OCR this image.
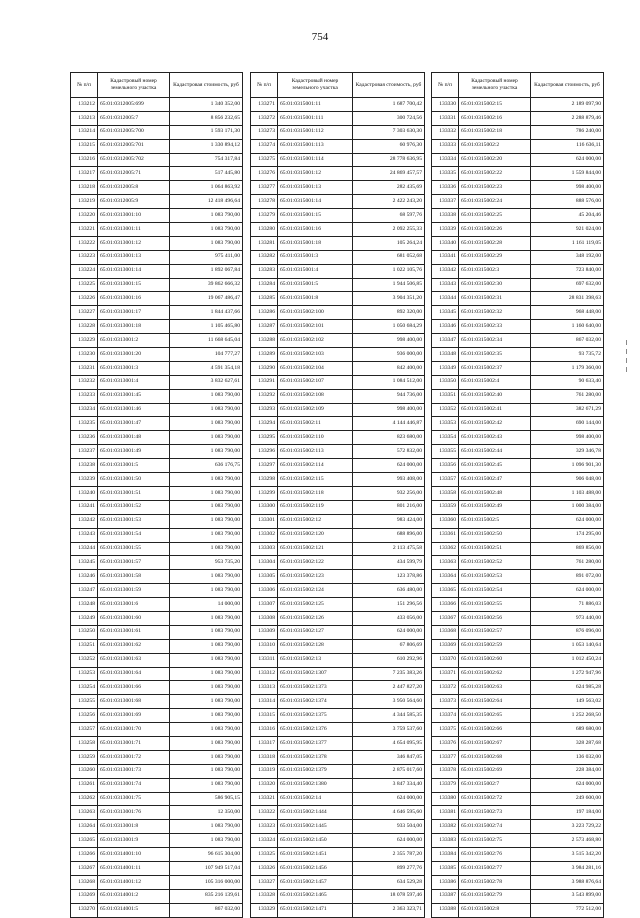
754
№ п/п	Кадастровый номер земельного участка	Кадастровая стоимость, руб
133212	65:01:0312005:699	1 340 352,00
133213	65:01:0312005:7	8 856 232,65
133214	65:01:0312005:700	1 593 171,30
133215	65:01:0312005:701	1 330 894,12
133216	65:01:0312005:702	754 317,84
133217	65:01:0312005:71	517 445,80
133218	65:01:0312005:8	1 064 863,92
133219	65:01:0312005:9	12 418 496,64
133220	65:01:0313001:10	1 083 790,00
133221	65:01:0313001:11	1 083 790,00
133222	65:01:0313001:12	1 083 790,00
133223	65:01:0313001:13	975 411,00
133224	65:01:0313001:14	1 892 067,84
133225	65:01:0313001:15	39 862 666,32
133226	65:01:0313001:16	19 067 486,47
133227	65:01:0313001:17	1 844 437,66
133228	65:01:0313001:18	1 105 465,80
133229	65:01:0313001:2	11 668 645,04
133230	65:01:0313001:20	104 777,27
133231	65:01:0313001:3	4 591 354,18
133232	65:01:0313001:4	3 832 627,61
133233	65:01:0313001:45	1 083 790,00
133234	65:01:0313001:46	1 083 790,00
133235	65:01:0313001:47	1 083 790,00
133236	65:01:0313001:48	1 083 790,00
133237	65:01:0313001:49	1 083 790,00
133238	65:01:0313001:5	636 176,75
133239	65:01:0313001:50	1 083 790,00
133240	65:01:0313001:51	1 083 790,00
133241	65:01:0313001:52	1 083 790,00
133242	65:01:0313001:53	1 083 790,00
133243	65:01:0313001:54	1 083 790,00
133244	65:01:0313001:55	1 083 790,00
133245	65:01:0313001:57	953 735,20
133246	65:01:0313001:58	1 083 790,00
133247	65:01:0313001:59	1 083 790,00
133248	65:01:0313001:6	14 000,00
133249	65:01:0313001:60	1 083 790,00
133250	65:01:0313001:61	1 083 790,00
133251	65:01:0313001:62	1 083 790,00
133252	65:01:0313001:63	1 083 790,00
133253	65:01:0313001:64	1 083 790,00
133254	65:01:0313001:66	1 083 790,00
133255	65:01:0313001:68	1 083 790,00
133256	65:01:0313001:69	1 083 790,00
133257	65:01:0313001:70	1 083 790,00
133258	65:01:0313001:71	1 083 790,00
133259	65:01:0313001:72	1 083 790,00
133260	65:01:0313001:73	1 083 790,00
133261	65:01:0313001:74	1 083 790,00
133262	65:01:0313001:75	586 905,15
133263	65:01:0313001:76	12 350,00
133264	65:01:0313001:8	1 083 790,00
133265	65:01:0313001:9	1 083 790,00
133266	65:01:0314001:10	96 615 304,00
133267	65:01:0314001:11	107 949 517,04
133268	65:01:0314001:12	105 316 000,00
133269	65:01:0314001:2	835 216 139,61
133270	65:01:0314001:5	867 032,00
№ п/п	Кадастровый номер земельного участка	Кадастровая стоимость, руб
133271	65:01:0315001:11	1 687 700,42
133272	65:01:0315001:111	300 724,56
133273	65:01:0315001:112	7 303 630,30
133274	65:01:0315001:113	60 976,30
133275	65:01:0315001:114	28 778 636,95
133276	65:01:0315001:12	24 869 457,57
133277	65:01:0315001:13	282 435,69
133278	65:01:0315001:14	2 422 243,20
133279	65:01:0315001:15	68 597,76
133280	65:01:0315001:16	2 092 255,33
133281	65:01:0315001:18	105 264,24
133282	65:01:0315001:3	681 052,68
133283	65:01:0315001:4	1 022 105,76
133284	65:01:0315001:5	1 944 506,85
133285	65:01:0315001:8	3 904 351,20
133286	65:01:0315002:100	892 320,00
133287	65:01:0315002:101	1 050 684,29
133288	65:01:0315002:102	998 400,00
133289	65:01:0315002:103	936 000,00
133290	65:01:0315002:104	842 400,00
133291	65:01:0315002:107	1 084 512,00
133292	65:01:0315002:108	944 736,00
133293	65:01:0315002:109	998 400,00
133294	65:01:0315002:11	4 144 446,87
133295	65:01:0315002:110	823 680,00
133296	65:01:0315002:113	572 832,00
133297	65:01:0315002:114	624 000,00
133298	65:01:0315002:115	993 408,00
133299	65:01:0315002:118	932 256,00
133300	65:01:0315002:119	801 216,00
133301	65:01:0315002:12	983 424,00
133302	65:01:0315002:120	688 896,00
133303	65:01:0315002:121	2 113 475,58
133304	65:01:0315002:122	434 599,79
133305	65:01:0315002:123	123 378,86
133306	65:01:0315002:124	636 480,00
133307	65:01:0315002:125	151 296,56
133308	65:01:0315002:126	433 056,00
133309	65:01:0315002:127	624 000,00
133310	65:01:0315002:128	67 806,69
133311	65:01:0315002:13	610 292,96
133312	65:01:0315002:1307	7 235 383,26
133313	65:01:0315002:1373	2 447 827,20
133314	65:01:0315002:1374	3 950 564,60
133315	65:01:0315002:1375	4 344 585,35
133316	65:01:0315002:1376	3 759 537,60
133317	65:01:0315002:1377	4 654 095,95
133318	65:01:0315002:1378	346 847,05
133319	65:01:0315002:1379	2 875 017,60
133320	65:01:0315002:1380	3 847 334,40
133321	65:01:0315002:14	624 000,00
133322	65:01:0315002:1444	4 646 595,60
133323	65:01:0315002:1445	933 504,00
133324	65:01:0315002:1450	624 000,00
133325	65:01:0315002:1451	2 355 787,20
133326	65:01:0315002:1456	899 277,76
133327	65:01:0315002:1457	634 529,28
133328	65:01:0315002:1465	18 078 597,46
133329	65:01:0315002:1471	2 363 323,71
№ п/п	Кадастровый номер земельного участка	Кадастровая стоимость, руб
133330	65:01:0315002:15	2 189 097,90
133331	65:01:0315002:16	2 288 879,46
133332	65:01:0315002:18	786 240,00
133333	65:01:0315002:2	116 636,11
133334	65:01:0315002:20	624 000,00
133335	65:01:0315002:22	1 559 844,00
133336	65:01:0315002:23	998 400,00
133337	65:01:0315002:24	888 576,00
133338	65:01:0315002:25	45 204,46
133339	65:01:0315002:26	921 024,00
133340	65:01:0315002:28	1 161 119,05
133341	65:01:0315002:29	348 192,00
133342	65:01:0315002:3	723 840,00
133343	65:01:0315002:30	697 632,00
133344	65:01:0315002:31	28 831 398,63
133345	65:01:0315002:32	968 448,00
133346	65:01:0315002:33	1 160 640,00
133347	65:01:0315002:34	867 032,00
133348	65:01:0315002:35	93 735,72
133349	65:01:0315002:37	1 179 360,00
133350	65:01:0315002:4	90 633,40
133351	65:01:0315002:40	761 280,00
133352	65:01:0315002:41	382 671,29
133353	65:01:0315002:42	690 144,00
133354	65:01:0315002:43	998 400,00
133355	65:01:0315002:44	329 346,78
133356	65:01:0315002:45	1 096 901,30
133357	65:01:0315002:47	906 048,00
133358	65:01:0315002:48	1 103 488,00
133359	65:01:0315002:49	1 000 384,00
133360	65:01:0315002:5	624 000,00
133361	65:01:0315002:50	174 295,00
133362	65:01:0315002:51	869 856,00
133363	65:01:0315002:52	761 280,00
133364	65:01:0315002:53	891 072,00
133365	65:01:0315002:54	624 000,00
133366	65:01:0315002:55	71 886,03
133367	65:01:0315002:56	973 440,00
133368	65:01:0315002:57	876 096,00
133369	65:01:0315002:59	1 053 140,64
133370	65:01:0315002:60	1 012 450,24
133371	65:01:0315002:62	1 272 947,96
133372	65:01:0315002:63	624 985,28
133373	65:01:0315002:64	149 563,02
133374	65:01:0315002:65	1 252 268,50
133375	65:01:0315002:66	689 680,00
133376	65:01:0315002:67	328 287,68
133377	65:01:0315002:68	136 032,00
133378	65:01:0315002:69	228 384,00
133379	65:01:0315002:7	624 000,00
133380	65:01:0315002:72	249 600,00
133381	65:01:0315002:73	197 184,00
133382	65:01:0315002:74	3 223 729,22
133383	65:01:0315002:75	2 573 468,80
133384	65:01:0315002:76	3 515 342,20
133385	65:01:0315002:77	3 984 281,16
133386	65:01:0315002:78	3 988 876,64
133387	65:01:0315002:79	3 543 899,00
133388	65:01:0315002:8	772 512,00
